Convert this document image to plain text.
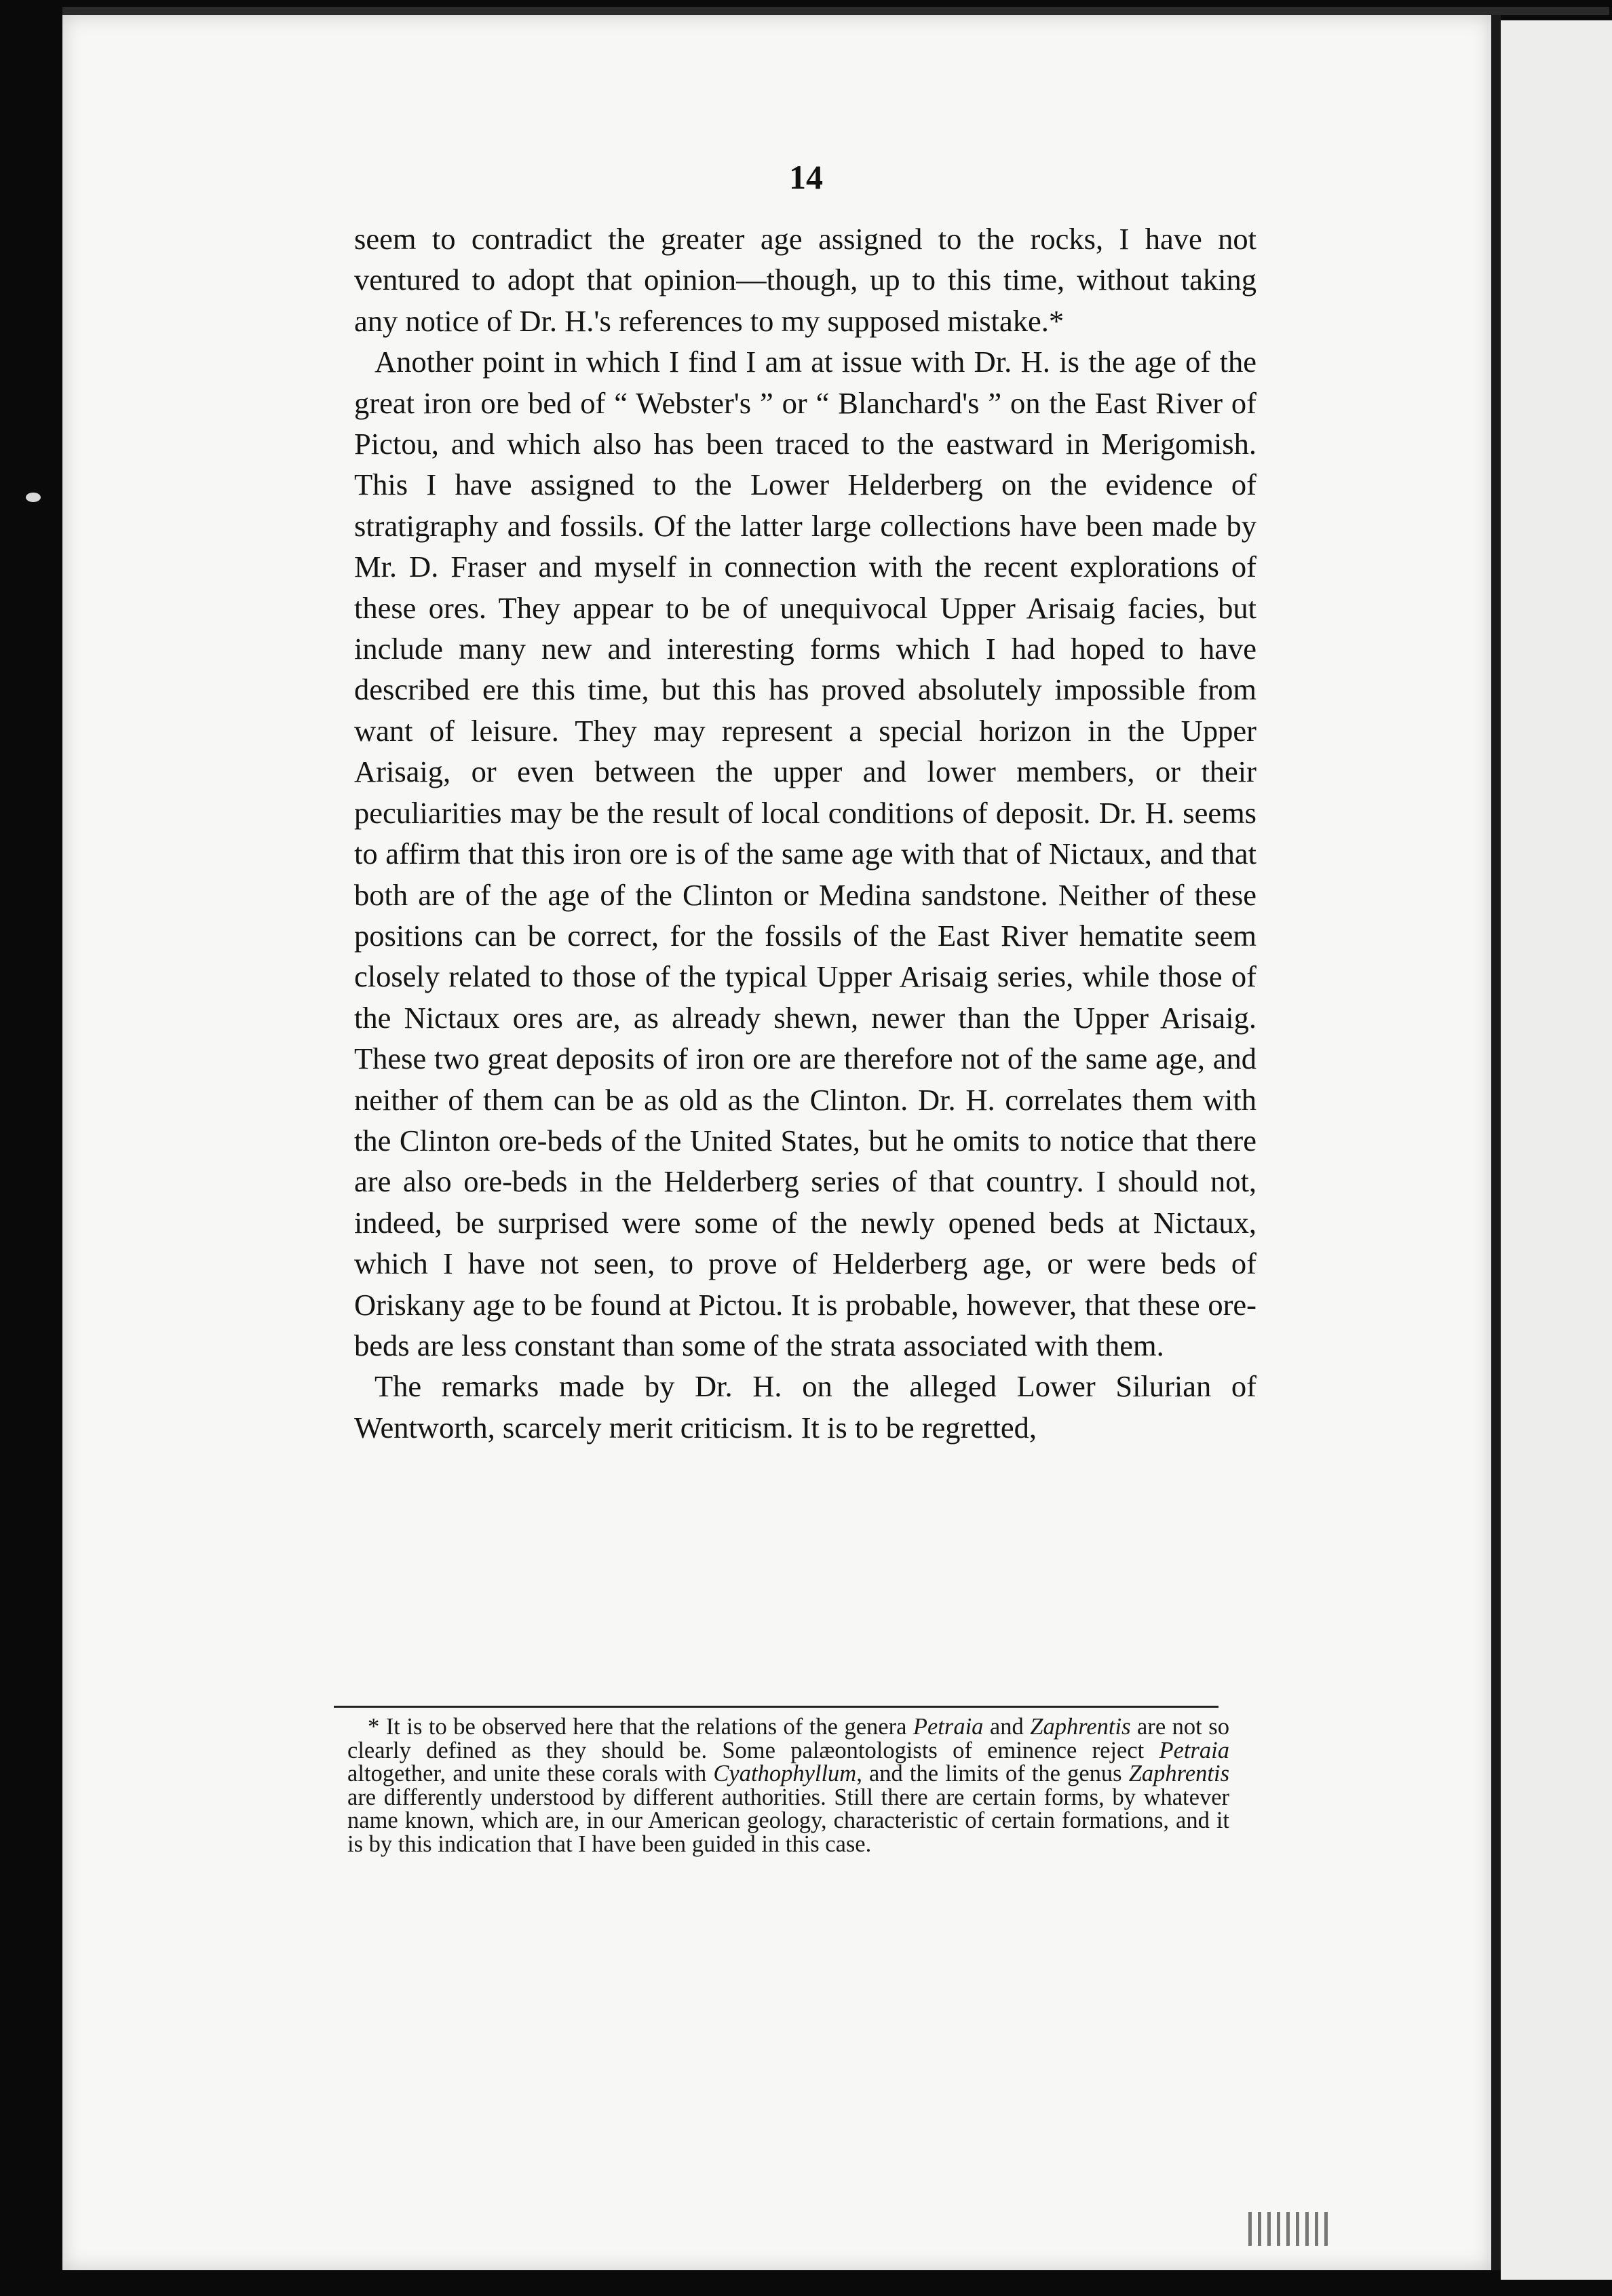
14

seem to contradict the greater age assigned to the rocks, I have not ventured to adopt that opinion—though, up to this time, without taking any notice of Dr. H.'s references to my supposed mistake.*

Another point in which I find I am at issue with Dr. H. is the age of the great iron ore bed of “ Webster's ” or “ Blanchard's ” on the East River of Pictou, and which also has been traced to the eastward in Merigomish. This I have assigned to the Lower Helderberg on the evidence of stratigraphy and fossils. Of the latter large collections have been made by Mr. D. Fraser and myself in connection with the recent explorations of these ores. They appear to be of unequivocal Upper Arisaig facies, but include many new and interesting forms which I had hoped to have described ere this time, but this has proved absolutely impossible from want of leisure. They may represent a special horizon in the Upper Arisaig, or even between the upper and lower members, or their peculiarities may be the result of local conditions of deposit. Dr. H. seems to affirm that this iron ore is of the same age with that of Nictaux, and that both are of the age of the Clinton or Medina sandstone. Neither of these positions can be correct, for the fossils of the East River hematite seem closely related to those of the typical Upper Arisaig series, while those of the Nictaux ores are, as already shewn, newer than the Upper Arisaig. These two great deposits of iron ore are therefore not of the same age, and neither of them can be as old as the Clinton. Dr. H. correlates them with the Clinton ore-beds of the United States, but he omits to notice that there are also ore-beds in the Helderberg series of that country. I should not, indeed, be surprised were some of the newly opened beds at Nictaux, which I have not seen, to prove of Helderberg age, or were beds of Oriskany age to be found at Pictou. It is probable, however, that these ore-beds are less constant than some of the strata associated with them.

The remarks made by Dr. H. on the alleged Lower Silurian of Wentworth, scarcely merit criticism. It is to be regretted,

* It is to be observed here that the relations of the genera Petraia and Zaphrentis are not so clearly defined as they should be. Some palæontologists of eminence reject Petraia altogether, and unite these corals with Cyathophyllum, and the limits of the genus Zaphrentis are differently understood by different authorities. Still there are certain forms, by whatever name known, which are, in our American geology, characteristic of certain formations, and it is by this indication that I have been guided in this case.
